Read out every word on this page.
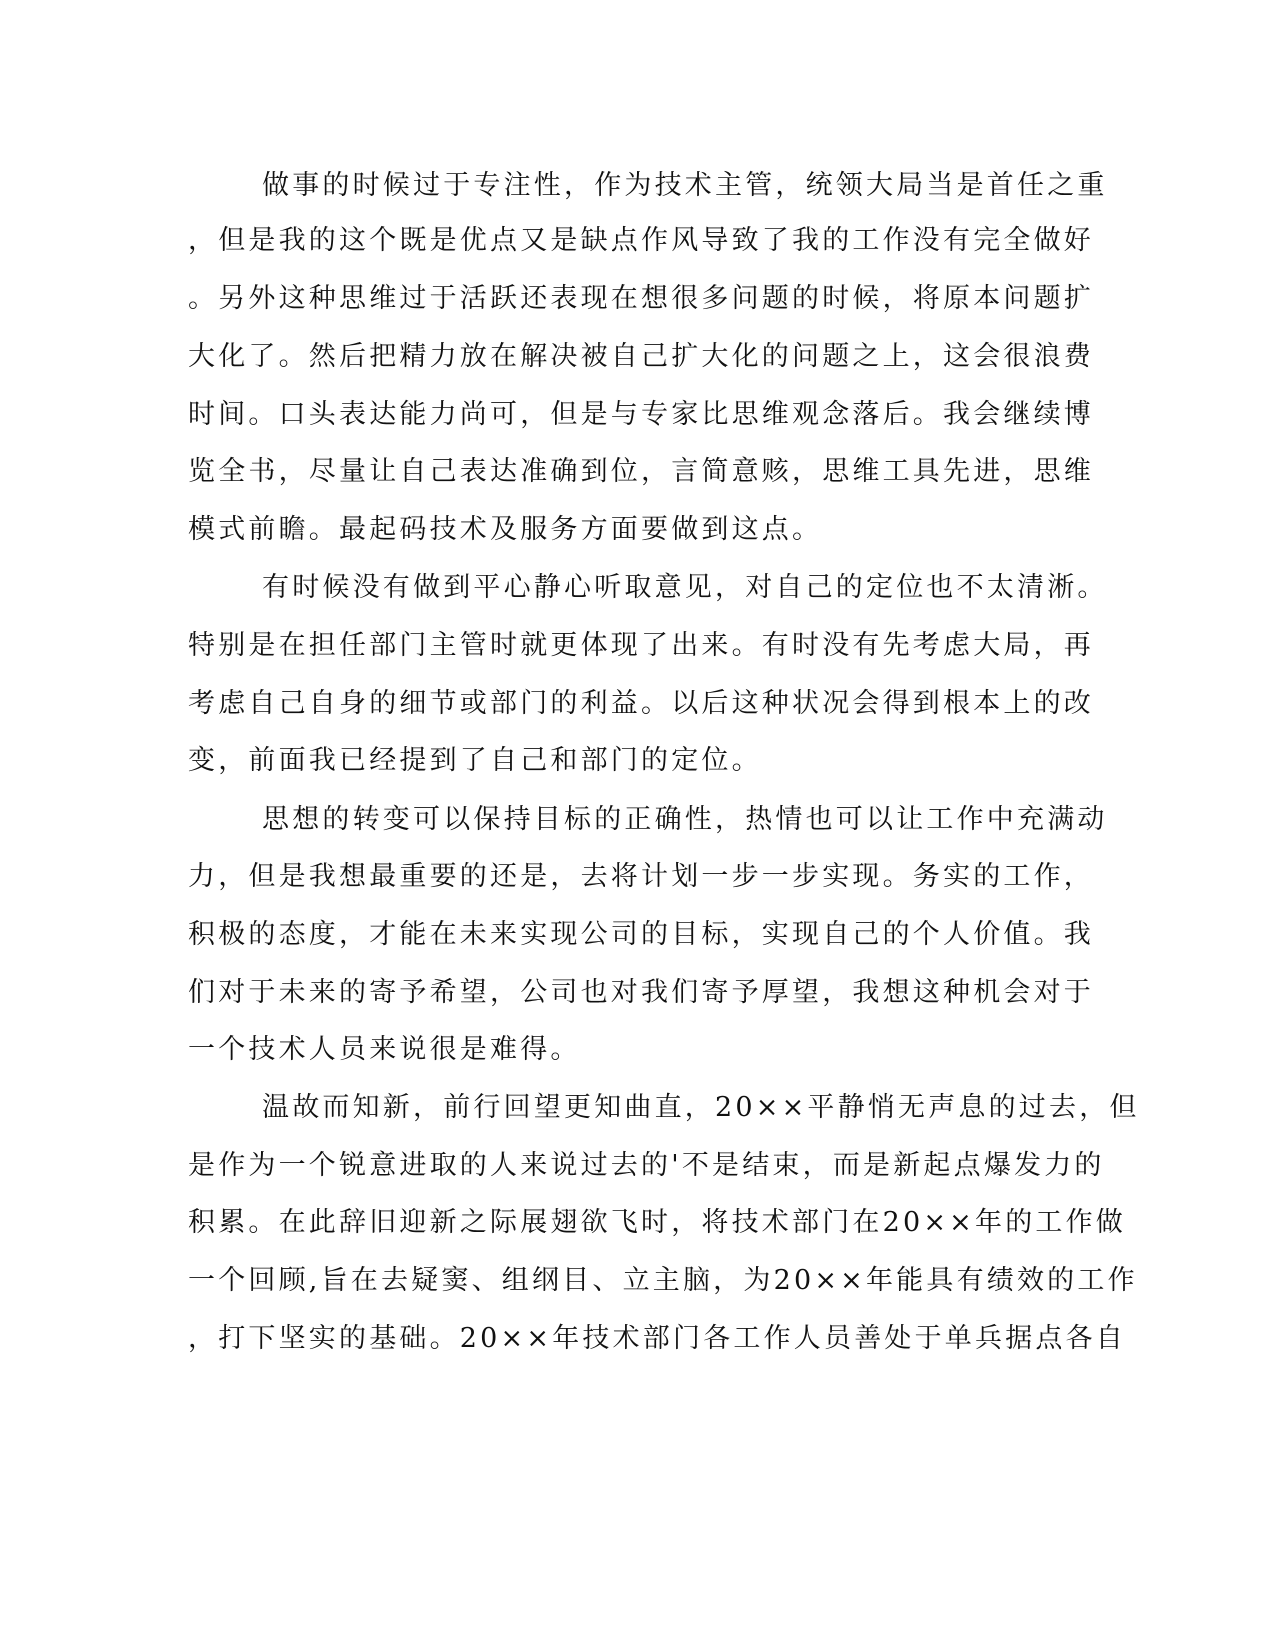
做事的时候过于专注性，作为技术主管，统领大局当是首任之重
，但是我的这个既是优点又是缺点作风导致了我的工作没有完全做好
。另外这种思维过于活跃还表现在想很多问题的时候，将原本问题扩
大化了。然后把精力放在解决被自己扩大化的问题之上，这会很浪费
时间。口头表达能力尚可，但是与专家比思维观念落后。我会继续博
览全书，尽量让自己表达准确到位，言简意赅，思维工具先进，思维
模式前瞻。最起码技术及服务方面要做到这点。
有时候没有做到平心静心听取意见，对自己的定位也不太清淅。
特别是在担任部门主管时就更体现了出来。有时没有先考虑大局，再
考虑自己自身的细节或部门的利益。以后这种状况会得到根本上的改
变，前面我已经提到了自己和部门的定位。
思想的转变可以保持目标的正确性，热情也可以让工作中充满动
力，但是我想最重要的还是，去将计划一步一步实现。务实的工作，
积极的态度，才能在未来实现公司的目标，实现自己的个人价值。我
们对于未来的寄予希望，公司也对我们寄予厚望，我想这种机会对于
一个技术人员来说很是难得。
温故而知新，前行回望更知曲直，20××平静悄无声息的过去，但
是作为一个锐意进取的人来说过去的'不是结束，而是新起点爆发力的
积累。在此辞旧迎新之际展翅欲飞时，将技术部门在20××年的工作做
一个回顾,旨在去疑窦、组纲目、立主脑，为20××年能具有绩效的工作
，打下坚实的基础。20××年技术部门各工作人员善处于单兵据点各自
